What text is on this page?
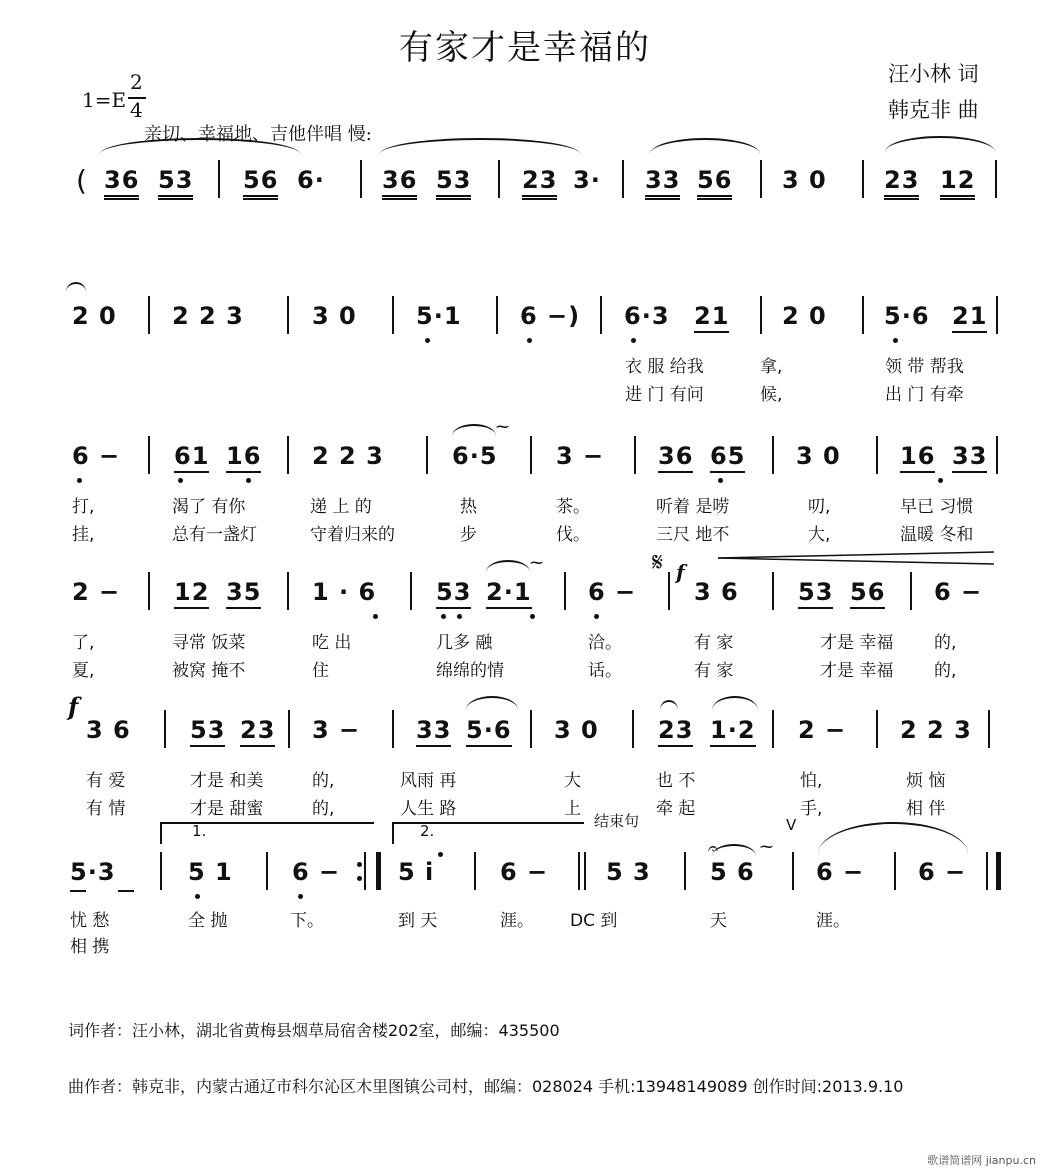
有家才是幸福的
汪小林 词
韩克非 曲
1=E
2
4
亲切、幸福地、吉他伴唱 慢:
( 36 53 56 6· 36 53 23 3· 33 56 3 0 23 12
2 0 2 2 3	3 0 5·1 6 −) 6·3 21 2 0 5·6 21
衣 服 给我	拿,	领 带 帮我
进 门 有问	候,	出 门 有牵
6 − 61 16 2 2 3	6·5 3 − 36 65 3 0 16 33
⁓
打,	渴了 有你	递 上 的	热	茶。	听着 是唠	叨,	早已 习惯
挂,	总有一盏灯	守着归来的	步	伐。	三尺 地不	大,	温暖 冬和
2 − 12 35 1 · 6 53 2·1 6 − 3 6 53 56 6 −
⁓	𝄋 f
了,	寻常 饭菜	吃 出	几多 融	洽。	有 家	才是 幸福 的,
夏,	被窝 掩不	住	绵绵的情	话。	有 家	才是 幸福 的,
f
3 6 53 23 3 − 33 5·6 3 0 23 1·2 2 − 2 2 3
有 爱	才是 和美	的,	风雨 再	大	也 不	怕,	烦 恼
有 情	才是 甜蜜	的,	人生 路	上	牵 起	手,	相 伴
1.	2.
结束句	V
5·3	5 1 6 − 5 i	6 − 5 3 5 6	6 − 6 −
𝄐	⁓
忧 愁	全 抛	下。	到 天	涯。 DC 到	天	涯。
相 携
词作者：汪小林，湖北省黄梅县烟草局宿舍楼202室，邮编：435500
曲作者：韩克非，内蒙古通辽市科尔沁区木里图镇公司村，邮编：028024 手机:13948149089 创作时间:2013.9.10
歌谱简谱网 jianpu.cn
